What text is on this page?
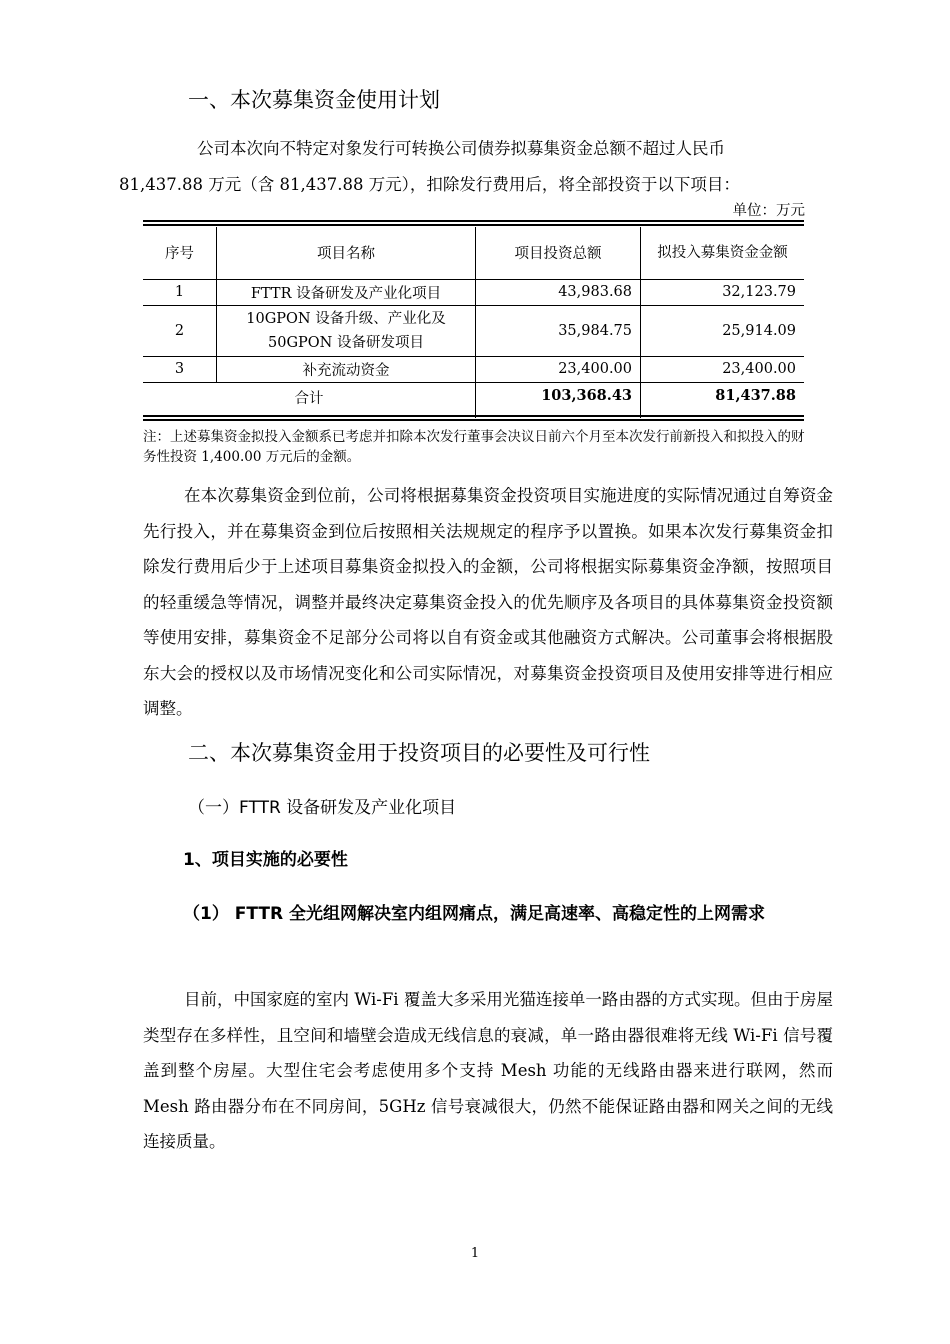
一、本次募集资金使用计划
公司本次向不特定对象发行可转换公司债券拟募集资金总额不超过人民币
81,437.88 万元（含 81,437.88 万元），扣除发行费用后，将全部投资于以下项目：
单位：万元
序号	项目名称	项目投资总额	拟投入募集资金金额
1	FTTR 设备研发及产业化项目	43,983.68	32,123.79
2	10GPON 设备升级、产业化及 50GPON 设备研发项目	35,984.75	25,914.09
3	补充流动资金	23,400.00	23,400.00
合计		103,368.43	81,437.88
注：上述募集资金拟投入金额系已考虑并扣除本次发行董事会决议日前六个月至本次发行前新投入和拟投入的财务性投资 1,400.00 万元后的金额。
在本次募集资金到位前，公司将根据募集资金投资项目实施进度的实际情况通过自筹资金先行投入，并在募集资金到位后按照相关法规规定的程序予以置换。如果本次发行募集资金扣除发行费用后少于上述项目募集资金拟投入的金额，公司将根据实际募集资金净额，按照项目的轻重缓急等情况，调整并最终决定募集资金投入的优先顺序及各项目的具体募集资金投资额等使用安排，募集资金不足部分公司将以自有资金或其他融资方式解决。公司董事会将根据股东大会的授权以及市场情况变化和公司实际情况，对募集资金投资项目及使用安排等进行相应调整。
二、本次募集资金用于投资项目的必要性及可行性
（一）FTTR 设备研发及产业化项目
1、项目实施的必要性
（1） FTTR 全光组网解决室内组网痛点，满足高速率、高稳定性的上网需求
目前，中国家庭的室内 Wi-Fi 覆盖大多采用光猫连接单一路由器的方式实现。但由于房屋类型存在多样性，且空间和墙壁会造成无线信息的衰减，单一路由器很难将无线 Wi-Fi 信号覆盖到整个房屋。大型住宅会考虑使用多个支持 Mesh 功能的无线路由器来进行联网，然而 Mesh 路由器分布在不同房间，5GHz 信号衰减很大，仍然不能保证路由器和网关之间的无线连接质量。
1
